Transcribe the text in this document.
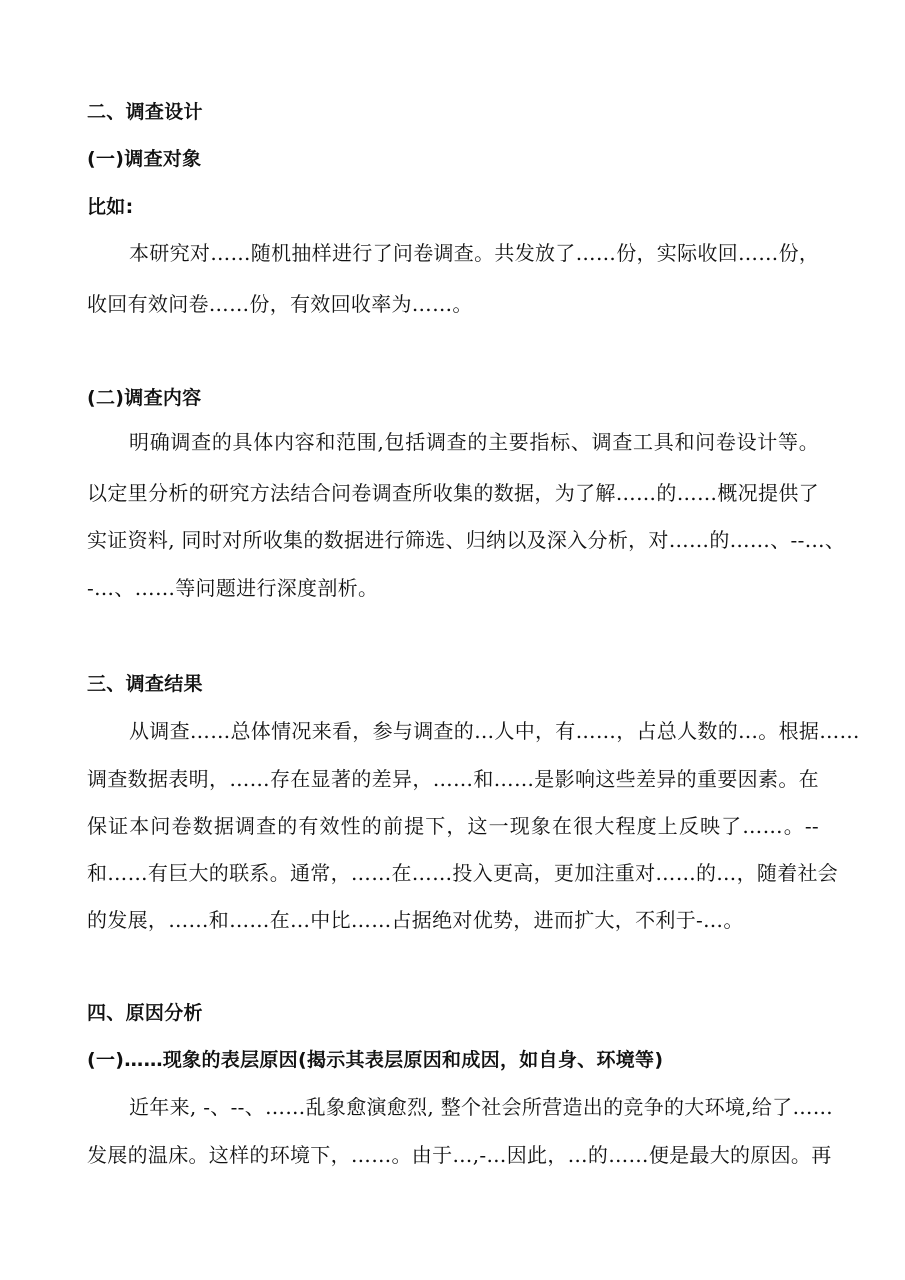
二、调查设计
(一)调查对象
比如:
本研究对……随机抽样进行了问卷调查。共发放了……份，实际收回……份，
收回有效问卷……份，有效回收率为……。
(二)调查内容
明确调查的具体内容和范围,包括调查的主要指标、调查工具和问卷设计等。
以定里分析的研究方法结合问卷调查所收集的数据，为了解……的……概况提供了
实证资料, 同时对所收集的数据进行筛选、归纳以及深入分析，对……的……、--…、
-…、……等问题进行深度剖析。
三、调查结果
从调查……总体情况来看，参与调查的…人中，有……，占总人数的…。根据……
调查数据表明，……存在显著的差异，……和……是影响这些差异的重要因素。在
保证本问卷数据调查的有效性的前提下，这一现象在很大程度上反映了……。--
和……有巨大的联系。通常，……在……投入更高，更加注重对……的…，随着社会
的发展，……和……在…中比……占据绝对优势，进而扩大，不利于-…。
四、原因分析
(一)……现象的表层原因(揭示其表层原因和成因，如自身、环境等)
近年来, -、--、……乱象愈演愈烈, 整个社会所营造出的竞争的大环境,给了……
发展的温床。这样的环境下，……。由于…,-…因此，…的……便是最大的原因。再
